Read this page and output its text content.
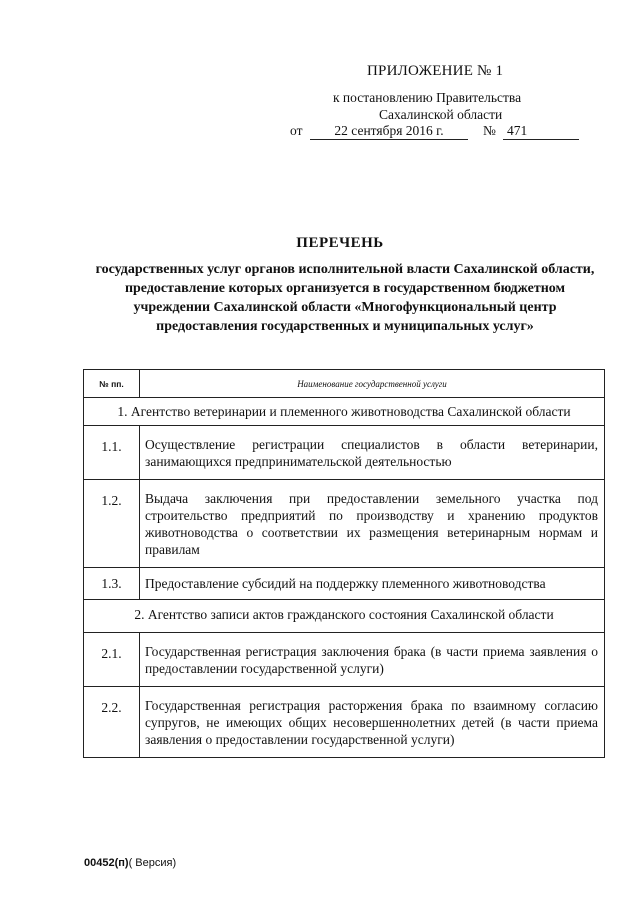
ПРИЛОЖЕНИЕ № 1
к постановлению Правительства
Сахалинской области
от	22 сентября 2016 г.	№ 471
ПЕРЕЧЕНЬ
государственных услуг органов исполнительной власти Сахалинской области, предоставление которых организуется в государственном бюджетном учреждении Сахалинской области «Многофункциональный центр предоставления государственных и муниципальных услуг»
№ пп.	Наименование государственной услуги
1. Агентство ветеринарии и племенного животноводства Сахалинской области	
1.1.	Осуществление регистрации специалистов в области ветеринарии, занимающихся предпринимательской деятельностью
1.2.	Выдача заключения при предоставлении земельного участка под строительство предприятий по производству и хранению продуктов животноводства о соответствии их размещения ветеринарным нормам и правилам
1.3.	Предоставление субсидий на поддержку племенного животноводства
2. Агентство записи актов гражданского состояния Сахалинской области	
2.1.	Государственная регистрация заключения брака (в части приема заявления о предоставлении государственной услуги)
2.2.	Государственная регистрация расторжения брака по взаимному согласию супругов, не имеющих общих несовершеннолетних детей (в части приема заявления о предоставлении государственной услуги)
00452(п)( Версия)
